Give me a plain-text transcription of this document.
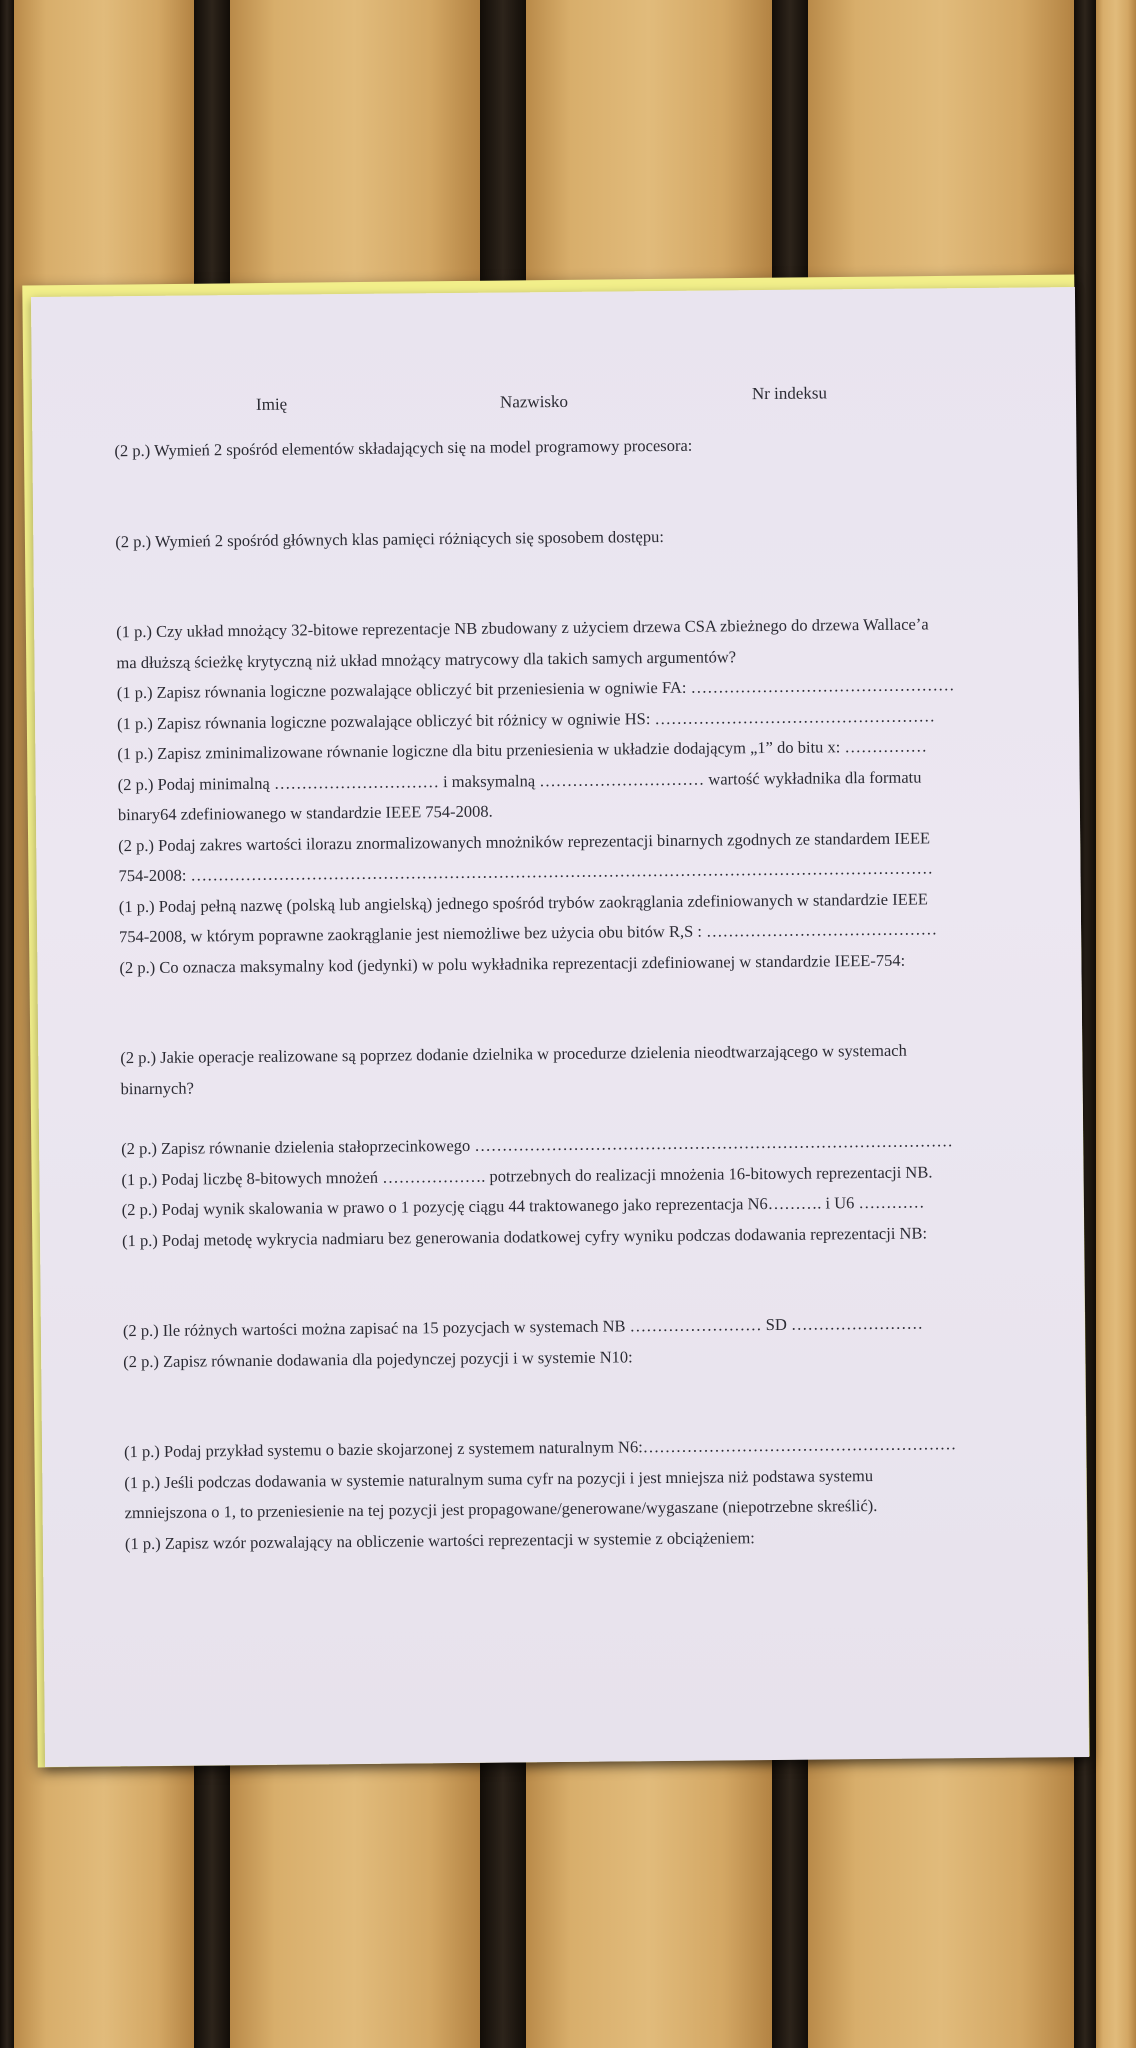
Imię	Nazwisko	Nr indeksu

(2 p.) Wymień 2 spośród elementów składających się na model programowy procesora:

(2 p.) Wymień 2 spośród głównych klas pamięci różniących się sposobem dostępu:

(1 p.) Czy układ mnożący 32-bitowe reprezentacje NB zbudowany z użyciem drzewa CSA zbieżnego do drzewa Wallace’a

ma dłuższą ścieżkę krytyczną niż układ mnożący matrycowy dla takich samych argumentów?

(1 p.) Zapisz równania logiczne pozwalające obliczyć bit przeniesienia w ogniwie FA: …………………………………………

(1 p.) Zapisz równania logiczne pozwalające obliczyć bit różnicy w ogniwie HS: ……………………………………………

(1 p.) Zapisz zminimalizowane równanie logiczne dla bitu przeniesienia w układzie dodającym „1” do bitu x: ……………

(2 p.) Podaj minimalną ………………………… i maksymalną ………………………… wartość wykładnika dla formatu

binary64 zdefiniowanego w standardzie IEEE 754-2008.

(2 p.) Podaj zakres wartości ilorazu znormalizowanych mnożników reprezentacji binarnych zgodnych ze standardem IEEE

754-2008: ………………………………………………………………………………………………………………………

(1 p.) Podaj pełną nazwę (polską lub angielską) jednego spośród trybów zaokrąglania zdefiniowanych w standardzie IEEE

754-2008, w którym poprawne zaokrąglanie jest niemożliwe bez użycia obu bitów R,S : ……………………………………

(2 p.) Co oznacza maksymalny kod (jedynki) w polu wykładnika reprezentacji zdefiniowanej w standardzie IEEE-754:

(2 p.) Jakie operacje realizowane są poprzez dodanie dzielnika w procedurze dzielenia nieodtwarzającego w systemach

binarnych?

(2 p.) Zapisz równanie dzielenia stałoprzecinkowego ……………………………………………………………………………

(1 p.) Podaj liczbę 8-bitowych mnożeń ………………. potrzebnych do realizacji mnożenia 16-bitowych reprezentacji NB.

(2 p.) Podaj wynik skalowania w prawo o 1 pozycję ciągu 44 traktowanego jako reprezentacja N6………. i U6 …………

(1 p.) Podaj metodę wykrycia nadmiaru bez generowania dodatkowej cyfry wyniku podczas dodawania reprezentacji NB:

(2 p.) Ile różnych wartości można zapisać na 15 pozycjach w systemach NB …………………… SD ……………………

(2 p.) Zapisz równanie dodawania dla pojedynczej pozycji i w systemie N10:

(1 p.) Podaj przykład systemu o bazie skojarzonej z systemem naturalnym N6:…………………………………………………

(1 p.) Jeśli podczas dodawania w systemie naturalnym suma cyfr na pozycji i jest mniejsza niż podstawa systemu

zmniejszona o 1, to przeniesienie na tej pozycji jest propagowane/generowane/wygaszane (niepotrzebne skreślić).

(1 p.) Zapisz wzór pozwalający na obliczenie wartości reprezentacji w systemie z obciążeniem:
